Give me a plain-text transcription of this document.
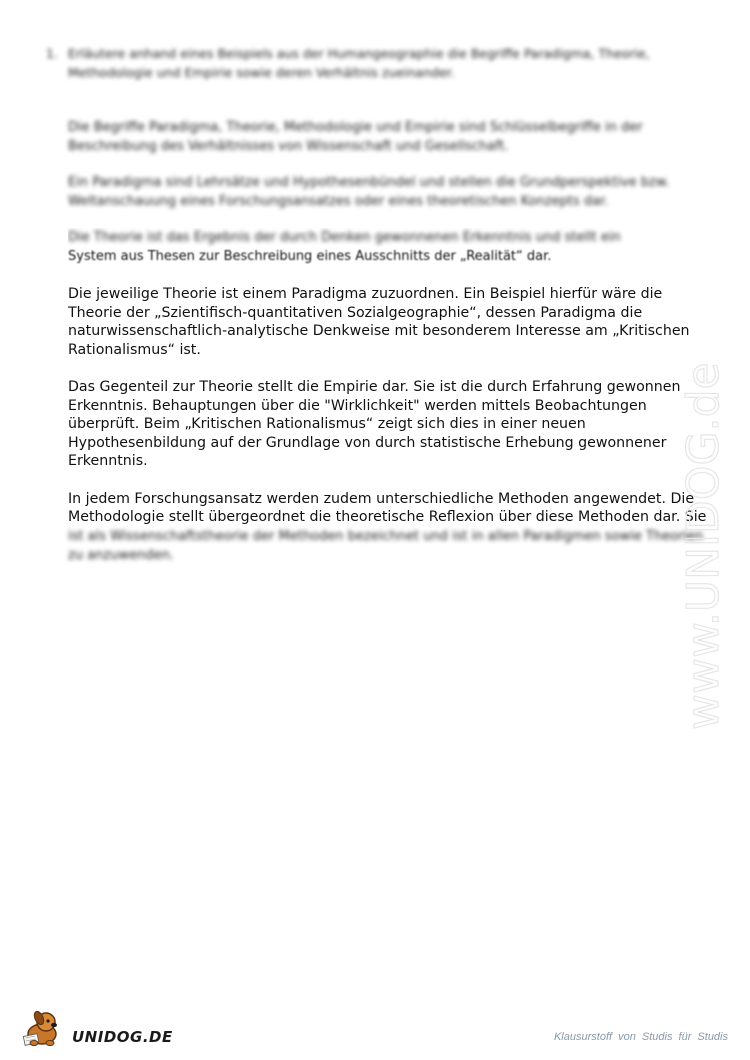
1. Erläutere anhand eines Beispiels aus der Humangeographie die Begriffe Paradigma, Theorie, Methodologie und Empirie sowie deren Verhältnis zueinander.

Die Begriffe Paradigma, Theorie, Methodologie und Empirie sind Schlüsselbegriffe in der Beschreibung des Verhältnisses von Wissenschaft und Gesellschaft.

Ein Paradigma sind Lehrsätze und Hypothesenbündel und stellen die Grundperspektive bzw. Weltanschauung eines Forschungsansatzes oder eines theoretischen Konzepts dar.

Die Theorie ist das Ergebnis der durch Denken gewonnenen Erkenntnis und stellt ein
System aus Thesen zur Beschreibung eines Ausschnitts der „Realität“ dar.

Die jeweilige Theorie ist einem Paradigma zuzuordnen. Ein Beispiel hierfür wäre die Theorie der „Szientifisch-quantitativen Sozialgeographie“, dessen Paradigma die naturwissenschaftlich-analytische Denkweise mit besonderem Interesse am „Kritischen Rationalismus“ ist.

Das Gegenteil zur Theorie stellt die Empirie dar. Sie ist die durch Erfahrung gewonnen Erkenntnis. Behauptungen über die "Wirklichkeit" werden mittels Beobachtungen überprüft. Beim „Kritischen Rationalismus“ zeigt sich dies in einer neuen Hypothesenbildung auf der Grundlage von durch statistische Erhebung gewonnener Erkenntnis.

In jedem Forschungsansatz werden zudem unterschiedliche Methoden angewendet. Die Methodologie stellt übergeordnet die theoretische Reflexion über diese Methoden dar. Sie

ist als Wissenschaftstheorie der Methoden bezeichnet und ist in allen Paradigmen sowie Theorien zu anzuwenden.	www.UNIDOG.de
UNIDOG.DE	Klausurstoff von Studis für Studis
